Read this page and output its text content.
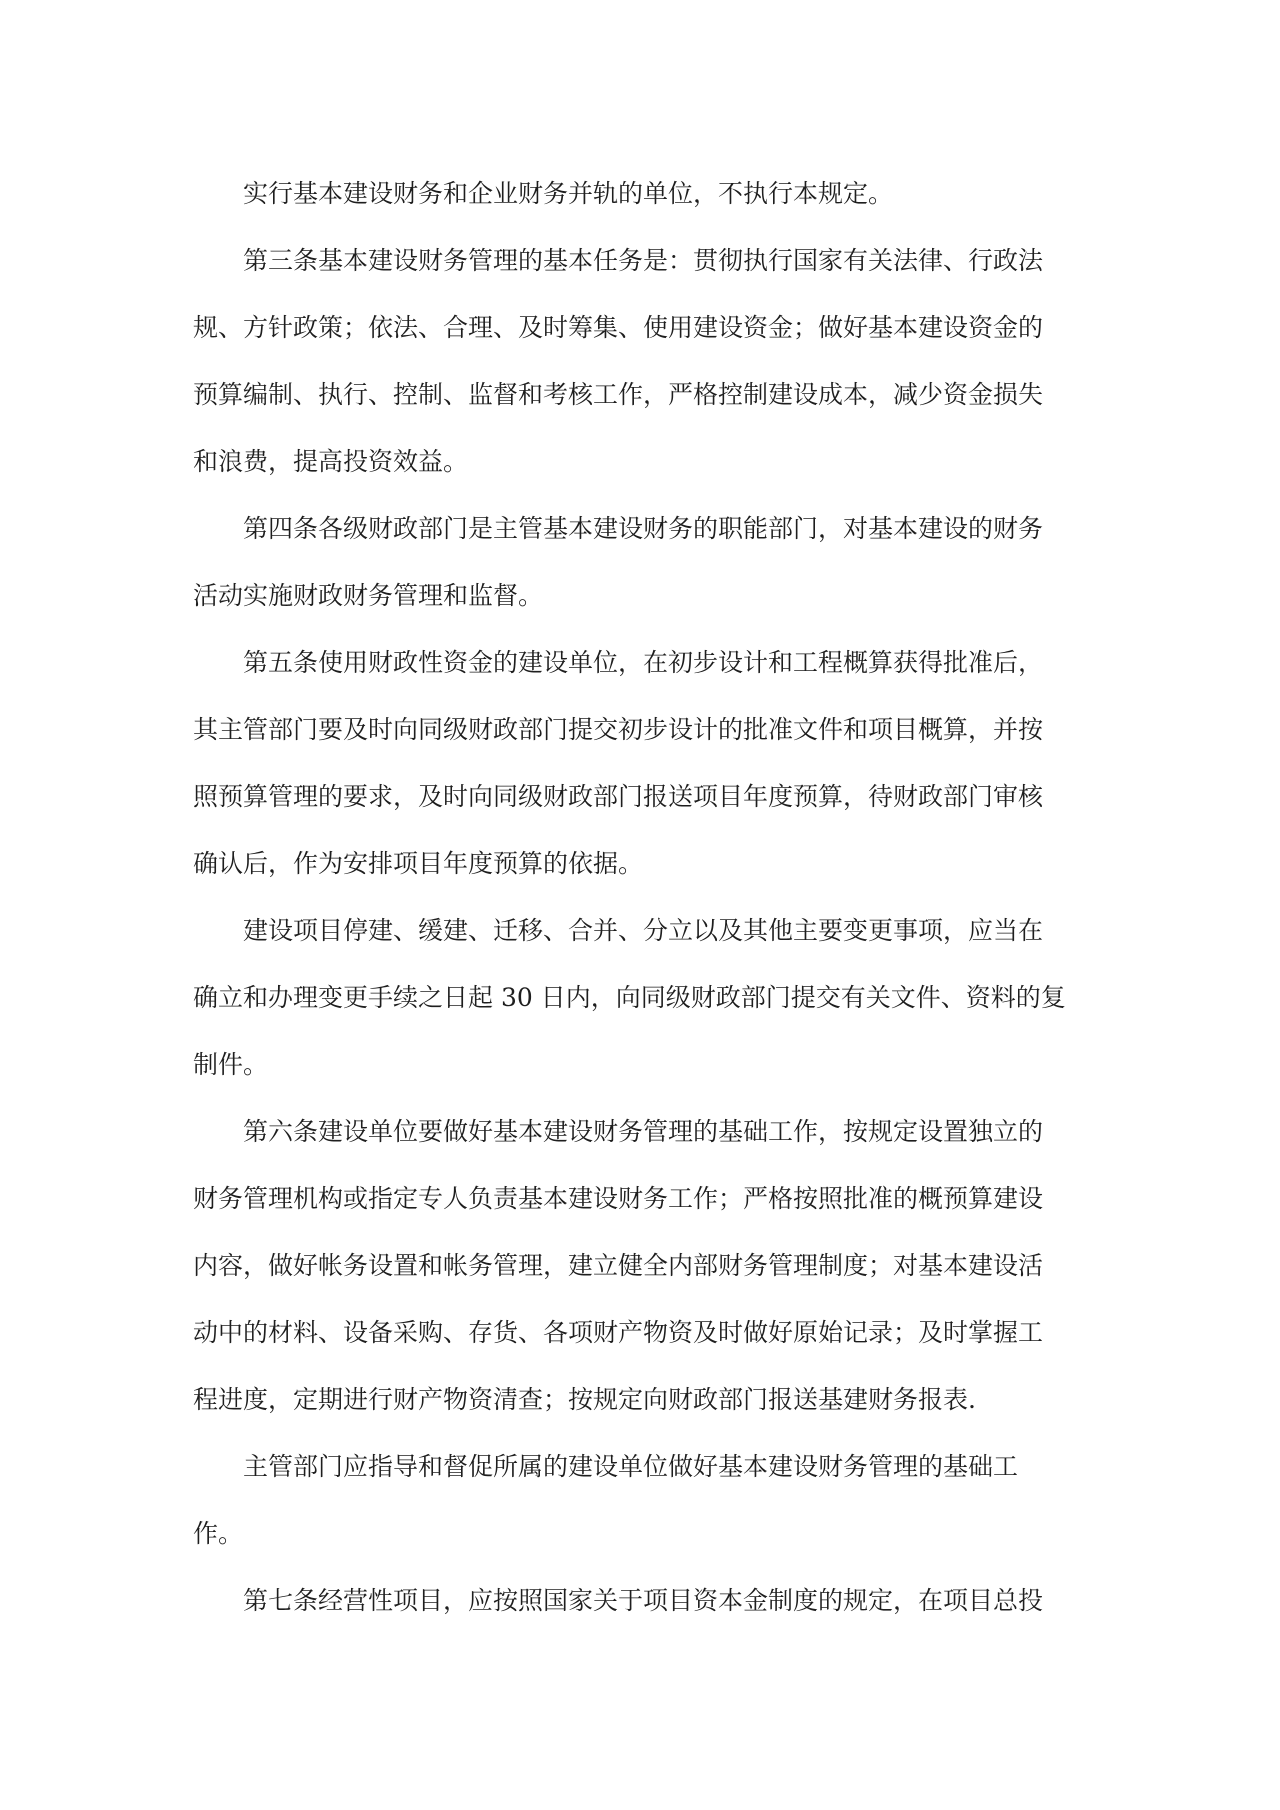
实行基本建设财务和企业财务并轨的单位，不执行本规定。

第三条基本建设财务管理的基本任务是：贯彻执行国家有关法律、行政法
规、方针政策；依法、合理、及时筹集、使用建设资金；做好基本建设资金的
预算编制、执行、控制、监督和考核工作，严格控制建设成本，减少资金损失
和浪费，提高投资效益。

第四条各级财政部门是主管基本建设财务的职能部门，对基本建设的财务
活动实施财政财务管理和监督。

第五条使用财政性资金的建设单位，在初步设计和工程概算获得批准后，
其主管部门要及时向同级财政部门提交初步设计的批准文件和项目概算，并按
照预算管理的要求，及时向同级财政部门报送项目年度预算，待财政部门审核
确认后，作为安排项目年度预算的依据。

建设项目停建、缓建、迁移、合并、分立以及其他主要变更事项，应当在
确立和办理变更手续之日起 30 日内，向同级财政部门提交有关文件、资料的复
制件。

第六条建设单位要做好基本建设财务管理的基础工作，按规定设置独立的
财务管理机构或指定专人负责基本建设财务工作；严格按照批准的概预算建设
内容，做好帐务设置和帐务管理，建立健全内部财务管理制度；对基本建设活
动中的材料、设备采购、存货、各项财产物资及时做好原始记录；及时掌握工
程进度，定期进行财产物资清查；按规定向财政部门报送基建财务报表.

主管部门应指导和督促所属的建设单位做好基本建设财务管理的基础工
作。

第七条经营性项目，应按照国家关于项目资本金制度的规定，在项目总投
